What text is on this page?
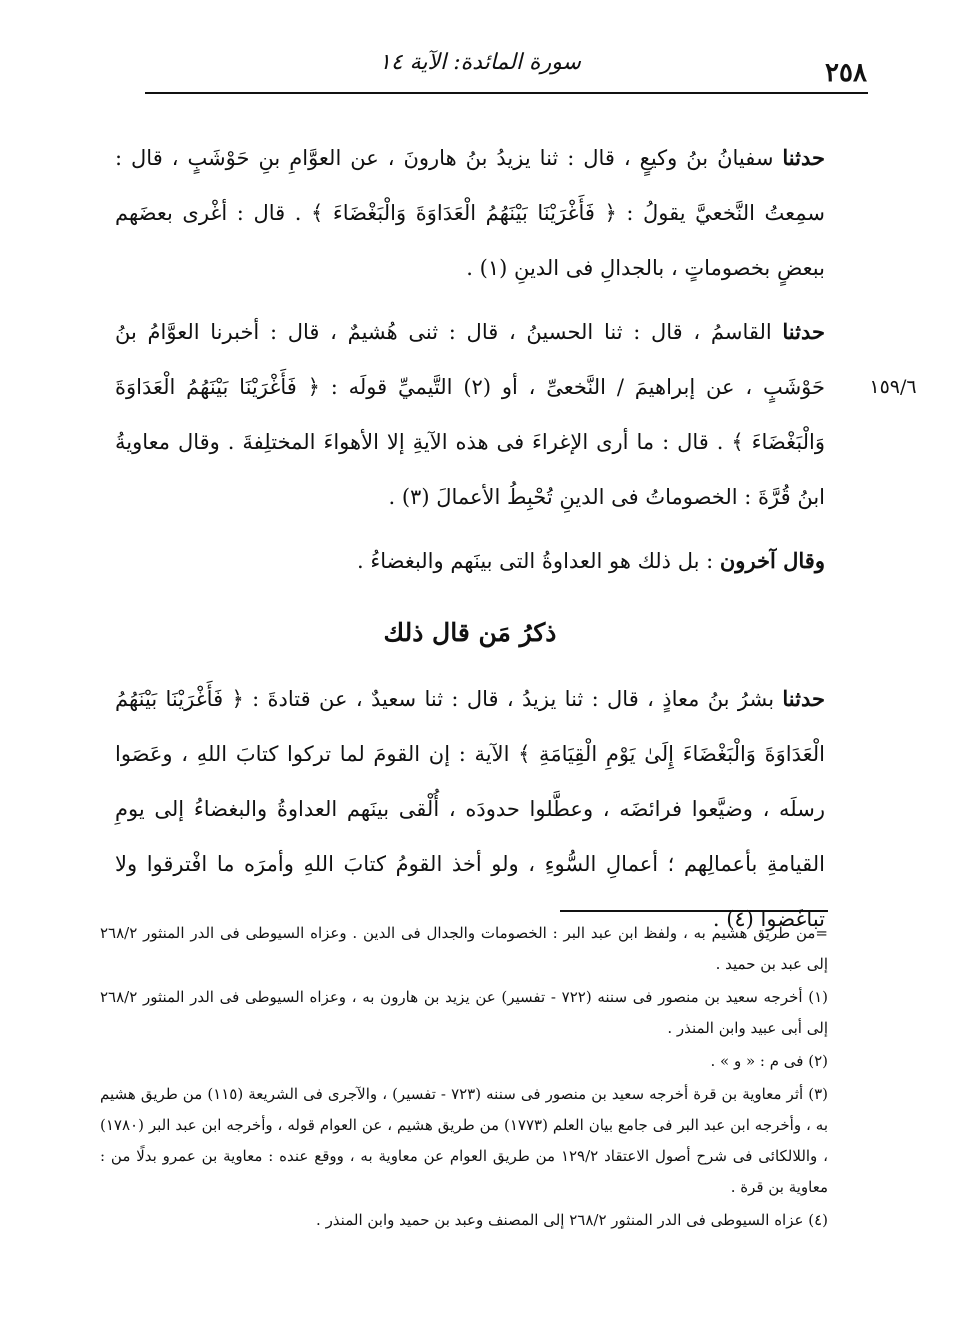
سورة المائدة: الآية ١٤	٢٥٨
١٥٩/٦

حدثنا سفيانُ بنُ وكيعٍ ، قال : ثنا يزيدُ بنُ هارونَ ، عن العوَّامِ بنِ حَوْشَبٍ ، قال : سمِعتُ النَّخعيَّ يقولُ : ﴿ فَأَغْرَيْنَا بَيْنَهُمُ الْعَدَاوَةَ وَالْبَغْضَاءَ ﴾ . قال : أغْرى بعضَهم ببعضٍ بخصوماتٍ ، بالجدالِ فى الدينِ (١) .

حدثنا القاسمُ ، قال : ثنا الحسينُ ، قال : ثنى هُشيمٌ ، قال : أخبرنا العوَّامُ بنُ حَوْشَبٍ ، عن إبراهيمَ / النَّخعىِّ ، أو (٢) التَّيميِّ قولَه : ﴿ فَأَغْرَيْنَا بَيْنَهُمُ الْعَدَاوَةَ وَالْبَغْضَاءَ ﴾ . قال : ما أرى الإغراءَ فى هذه الآيةِ إلا الأهواءَ المختلِفةَ . وقال معاويةُ ابنُ قُرَّةَ : الخصوماتُ فى الدينِ تُحْبِطُ الأعمالَ (٣) .

وقال آخرون : بل ذلك هو العداوةُ التى بينَهم والبغضاءُ .

ذكرُ مَن قال ذلك

حدثنا بشرُ بنُ معاذٍ ، قال : ثنا يزيدُ ، قال : ثنا سعيدٌ ، عن قتادةَ : ﴿ فَأَغْرَيْنَا بَيْنَهُمُ الْعَدَاوَةَ وَالْبَغْضَاءَ إِلَىٰ يَوْمِ الْقِيَامَةِ ﴾ الآية : إن القومَ لما تركوا كتابَ اللهِ ، وعَصَوا رسلَه ، وضيَّعوا فرائضَه ، وعطَّلوا حدودَه ، أُلْقى بينَهم العداوةُ والبغضاءُ إلى يومِ القيامةِ بأعمالِهم ؛ أعمالِ السُّوءِ ، ولو أخذ القومُ كتابَ اللهِ وأمرَه ما افْترقوا ولا تباغَضوا (٤) .

=من طريق هشيم به ، ولفظ ابن عبد البر : الخصومات والجدال فى الدين . وعزاه السيوطى فى الدر المنثور ٢٦٨/٢ إلى عبد بن حميد .

(١) أخرجه سعيد بن منصور فى سننه (٧٢٢ - تفسير) عن يزيد بن هارون به ، وعزاه السيوطى فى الدر المنثور ٢٦٨/٢ إلى أبى عبيد وابن المنذر .

(٢) فى م : « و » .

(٣) أثر معاوية بن قرة أخرجه سعيد بن منصور فى سننه (٧٢٣ - تفسير) ، والآجرى فى الشريعة (١١٥) من طريق هشيم به ، وأخرجه ابن عبد البر فى جامع بيان العلم (١٧٧٣) من طريق هشيم ، عن العوام قوله ، وأخرجه ابن عبد البر (١٧٨٠) ، واللالكائى فى شرح أصول الاعتقاد ١٢٩/٢ من طريق العوام عن معاوية به ، ووقع عنده : معاوية بن عمرو بدلًا من : معاوية بن قرة .

(٤) عزاه السيوطى فى الدر المنثور ٢٦٨/٢ إلى المصنف وعبد بن حميد وابن المنذر .
